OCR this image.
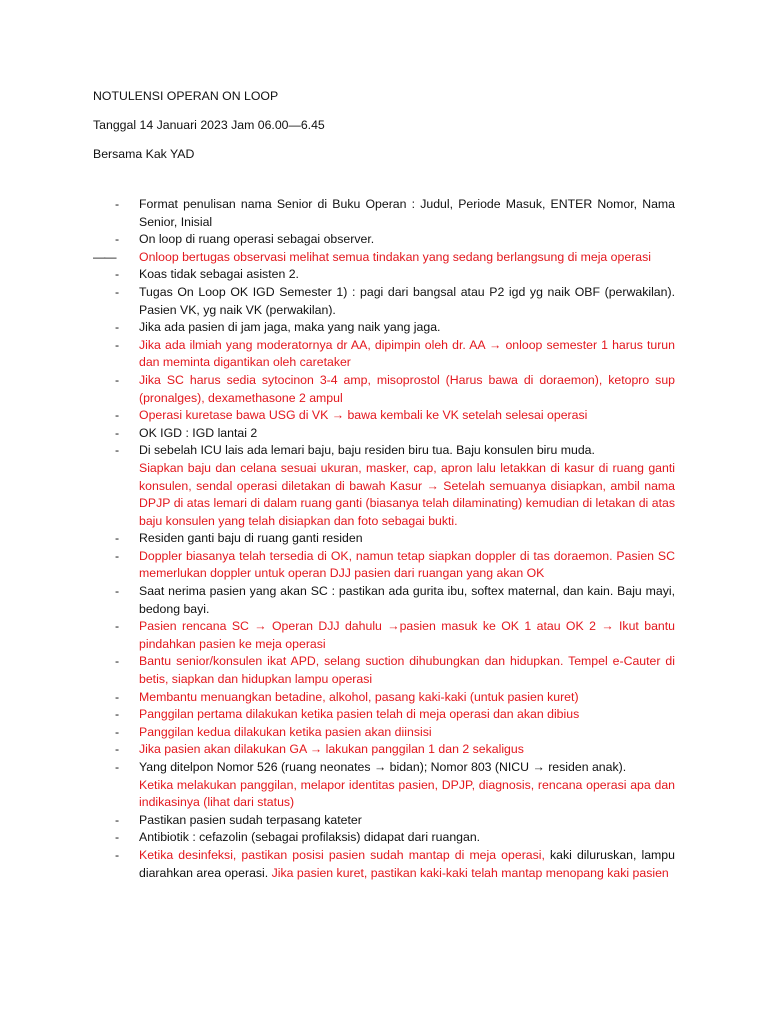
NOTULENSI OPERAN ON LOOP
Tanggal 14 Januari 2023 Jam 06.00—6.45
Bersama Kak YAD
- Format penulisan nama Senior di Buku Operan : Judul, Periode Masuk, ENTER Nomor, Nama Senior, Inisial
- On loop di ruang operasi sebagai observer.
—— Onloop bertugas observasi melihat semua tindakan yang sedang berlangsung di meja operasi
- Koas tidak sebagai asisten 2.
- Tugas On Loop OK IGD Semester 1) : pagi dari bangsal atau P2 igd yg naik OBF (perwakilan). Pasien VK, yg naik VK (perwakilan).
- Jika ada pasien di jam jaga, maka yang naik yang jaga.
- Jika ada ilmiah yang moderatornya dr AA, dipimpin oleh dr. AA → onloop semester 1 harus turun dan meminta digantikan oleh caretaker
- Jika SC harus sedia sytocinon 3-4 amp, misoprostol (Harus bawa di doraemon), ketopro sup (pronalges), dexamethasone 2 ampul
- Operasi kuretase bawa USG di VK → bawa kembali ke VK setelah selesai operasi
- OK IGD : IGD lantai 2
- Di sebelah ICU lais ada lemari baju, baju residen biru tua. Baju konsulen biru muda.
Siapkan baju dan celana sesuai ukuran, masker, cap, apron lalu letakkan di kasur di ruang ganti konsulen, sendal operasi diletakan di bawah Kasur → Setelah semuanya disiapkan, ambil nama DPJP di atas lemari di dalam ruang ganti (biasanya telah dilaminating) kemudian di letakan di atas baju konsulen yang telah disiapkan dan foto sebagai bukti.
- Residen ganti baju di ruang ganti residen
- Doppler biasanya telah tersedia di OK, namun tetap siapkan doppler di tas doraemon. Pasien SC memerlukan doppler untuk operan DJJ pasien dari ruangan yang akan OK
- Saat nerima pasien yang akan SC : pastikan ada gurita ibu, softex maternal, dan kain. Baju mayi, bedong bayi.
- Pasien rencana SC → Operan DJJ dahulu →pasien masuk ke OK 1 atau OK 2 → Ikut bantu pindahkan pasien ke meja operasi
- Bantu senior/konsulen ikat APD, selang suction dihubungkan dan hidupkan. Tempel e-Cauter di betis, siapkan dan hidupkan lampu operasi
- Membantu menuangkan betadine, alkohol, pasang kaki-kaki (untuk pasien kuret)
- Panggilan pertama dilakukan ketika pasien telah di meja operasi dan akan dibius
- Panggilan kedua dilakukan ketika pasien akan diinsisi
- Jika pasien akan dilakukan GA → lakukan panggilan 1 dan 2 sekaligus
- Yang ditelpon Nomor 526 (ruang neonates → bidan); Nomor 803 (NICU → residen anak).
Ketika melakukan panggilan, melapor identitas pasien, DPJP, diagnosis, rencana operasi apa dan indikasinya (lihat dari status)
- Pastikan pasien sudah terpasang kateter
- Antibiotik : cefazolin (sebagai profilaksis) didapat dari ruangan.
- Ketika desinfeksi, pastikan posisi pasien sudah mantap di meja operasi, kaki diluruskan, lampu diarahkan area operasi. Jika pasien kuret, pastikan kaki-kaki telah mantap menopang kaki pasien
